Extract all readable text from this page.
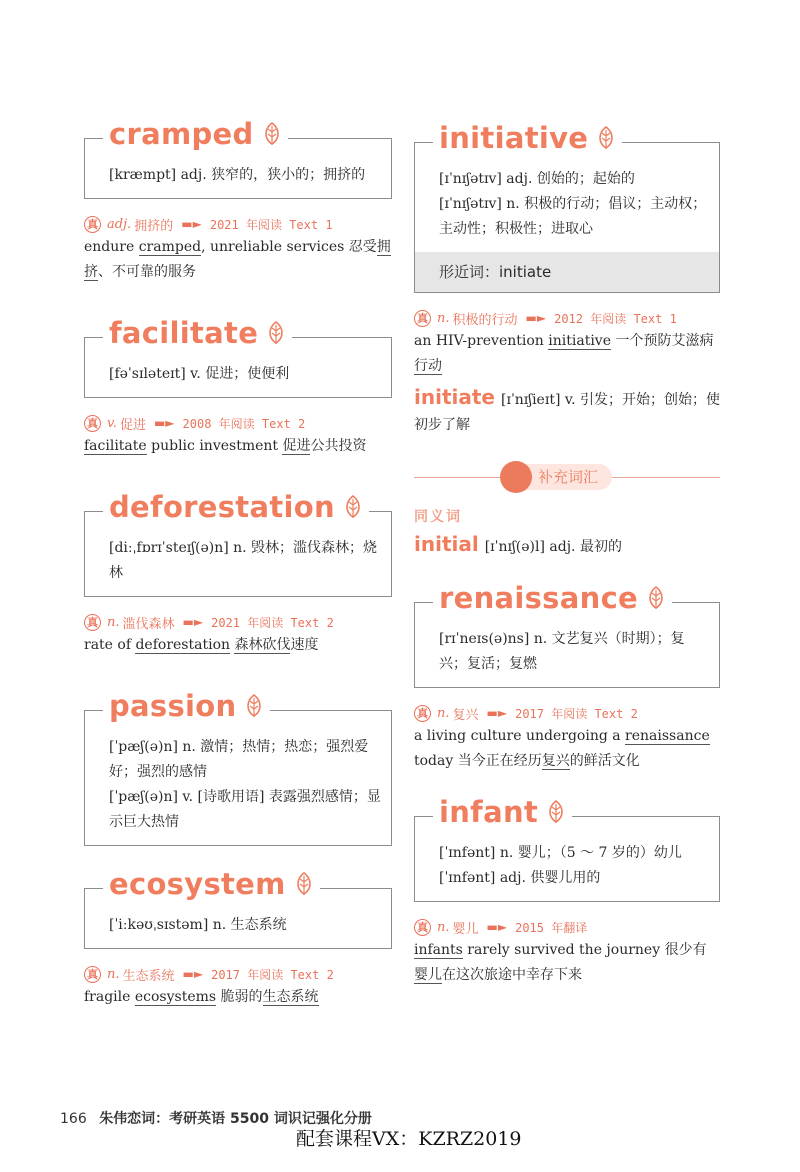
cramped
[kræmpt] adj. 狭窄的，狭小的；拥挤的
真 adj. 拥挤的 ▬► 2021 年阅读 Text 1
endure cramped, unreliable services 忍受拥挤、不可靠的服务
facilitate
[fəˈsɪləteɪt] v. 促进；使便利
真 v. 促进 ▬► 2008 年阅读 Text 2
facilitate public investment 促进公共投资
deforestation
[diːˌfɒrɪˈsteɪʃ(ə)n] n. 毁林；滥伐森林；烧林
真 n. 滥伐森林 ▬► 2021 年阅读 Text 2
rate of deforestation 森林砍伐速度
passion
[ˈpæʃ(ə)n] n. 激情；热情；热恋；强烈爱好；强烈的感情
[ˈpæʃ(ə)n] v. [诗歌用语] 表露强烈感情；显示巨大热情
ecosystem
[ˈiːkəʊˌsɪstəm] n. 生态系统
真 n. 生态系统 ▬► 2017 年阅读 Text 2
fragile ecosystems 脆弱的生态系统
initiative
[ɪˈnɪʃətɪv] adj. 创始的；起始的
[ɪˈnɪʃətɪv] n. 积极的行动；倡议；主动权；主动性；积极性；进取心
形近词：initiate
真 n. 积极的行动 ▬► 2012 年阅读 Text 1
an HIV-prevention initiative 一个预防艾滋病行动
initiate [ɪˈnɪʃieɪt] v. 引发；开始；创始；使初步了解
补充词汇
同义词
initial [ɪˈnɪʃ(ə)l] adj. 最初的
renaissance
[rɪˈneɪs(ə)ns] n. 文艺复兴（时期）；复兴；复活；复燃
真 n. 复兴 ▬► 2017 年阅读 Text 2
a living culture undergoing a renaissance today 当今正在经历复兴的鲜活文化
infant
[ˈɪnfənt] n. 婴儿；（5 ～ 7 岁的）幼儿
[ˈɪnfənt] adj. 供婴儿用的
真 n. 婴儿 ▬► 2015 年翻译
infants rarely survived the journey 很少有婴儿在这次旅途中幸存下来
166 朱伟恋词：考研英语 5500 词识记强化分册
配套课程VX：KZRZ2019
